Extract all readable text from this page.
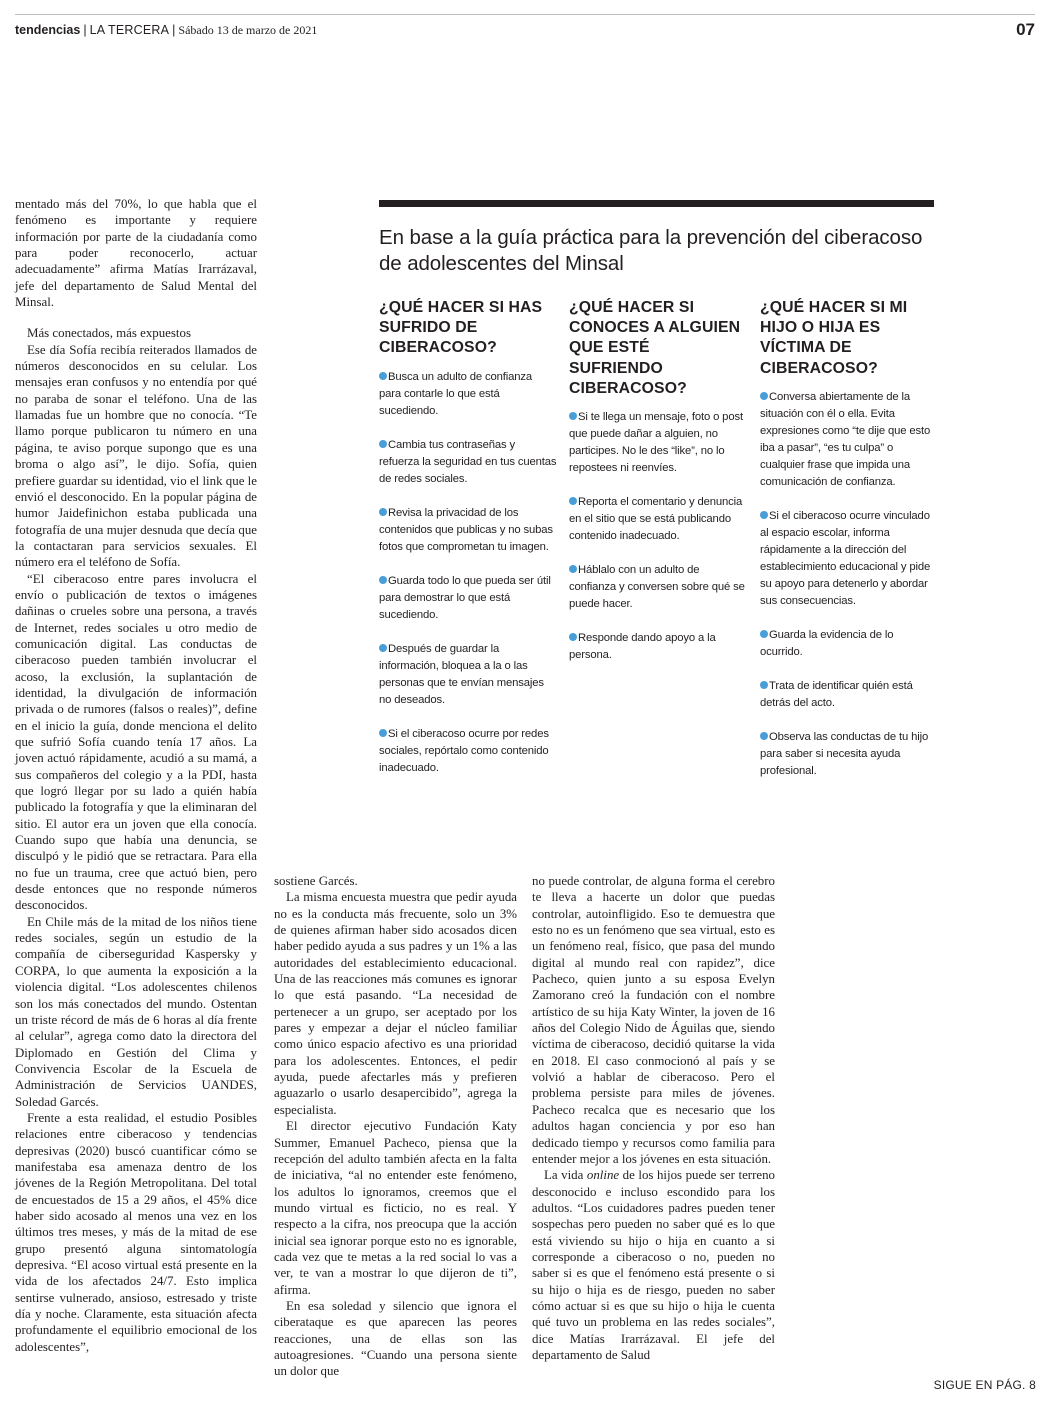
tendencias | LA TERCERA | Sábado 13 de marzo de 2021	07

mentado más del 70%, lo que habla que el fenómeno es importante y requiere información por parte de la ciudadanía como para poder reconocerlo, actuar adecuadamente” afirma Matías Irarrázaval, jefe del departamento de Salud Mental del Minsal.

Más conectados, más expuestos

Ese día Sofía recibía reiterados llamados de números desconocidos en su celular. Los mensajes eran confusos y no entendía por qué no paraba de sonar el teléfono. Una de las llamadas fue un hombre que no conocía. “Te llamo porque publicaron tu número en una página, te aviso porque supongo que es una broma o algo así”, le dijo. Sofía, quien prefiere guardar su identidad, vio el link que le envió el desconocido. En la popular página de humor Jaidefinichon estaba publicada una fotografía de una mujer desnuda que decía que la contactaran para servicios sexuales. El número era el teléfono de Sofía.

“El ciberacoso entre pares involucra el envío o publicación de textos o imágenes dañinas o crueles sobre una persona, a través de Internet, redes sociales u otro medio de comunicación digital. Las conductas de ciberacoso pueden también involucrar el acoso, la exclusión, la suplantación de identidad, la divulgación de información privada o de rumores (falsos o reales)”, define en el inicio la guía, donde menciona el delito que sufrió Sofía cuando tenía 17 años. La joven actuó rápidamente, acudió a su mamá, a sus compañeros del colegio y a la PDI, hasta que logró llegar por su lado a quién había publicado la fotografía y que la eliminaran del sitio. El autor era un joven que ella conocía. Cuando supo que había una denuncia, se disculpó y le pidió que se retractara. Para ella no fue un trauma, cree que actuó bien, pero desde entonces que no responde números desconocidos.

En Chile más de la mitad de los niños tiene redes sociales, según un estudio de la compañía de ciberseguridad Kaspersky y CORPA, lo que aumenta la exposición a la violencia digital. “Los adolescentes chilenos son los más conectados del mundo. Ostentan un triste récord de más de 6 horas al día frente al celular”, agrega como dato la directora del Diplomado en Gestión del Clima y Convivencia Escolar de la Escuela de Administración de Servicios UANDES, Soledad Garcés.

Frente a esta realidad, el estudio Posibles relaciones entre ciberacoso y tendencias depresivas (2020) buscó cuantificar cómo se manifestaba esa amenaza dentro de los jóvenes de la Región Metropolitana. Del total de encuestados de 15 a 29 años, el 45% dice haber sido acosado al menos una vez en los últimos tres meses, y más de la mitad de ese grupo presentó alguna sintomatología depresiva. “El acoso virtual está presente en la vida de los afectados 24/7. Esto implica sentirse vulnerado, ansioso, estresado y triste día y noche. Claramente, esta situación afecta profundamente el equilibrio emocional de los adolescentes”,

sostiene Garcés.

La misma encuesta muestra que pedir ayuda no es la conducta más frecuente, solo un 3% de quienes afirman haber sido acosados dicen haber pedido ayuda a sus padres y un 1% a las autoridades del establecimiento educacional. Una de las reacciones más comunes es ignorar lo que está pasando. “La necesidad de pertenecer a un grupo, ser aceptado por los pares y empezar a dejar el núcleo familiar como único espacio afectivo es una prioridad para los adolescentes. Entonces, el pedir ayuda, puede afectarles más y prefieren aguazarlo o usarlo desapercibido”, agrega la especialista.

El director ejecutivo Fundación Katy Summer, Emanuel Pacheco, piensa que la recepción del adulto también afecta en la falta de iniciativa, “al no entender este fenómeno, los adultos lo ignoramos, creemos que el mundo virtual es ficticio, no es real. Y respecto a la cifra, nos preocupa que la acción inicial sea ignorar porque esto no es ignorable, cada vez que te metas a la red social lo vas a ver, te van a mostrar lo que dijeron de ti”, afirma.

En esa soledad y silencio que ignora el ciberataque es que aparecen las peores reacciones, una de ellas son las autoagresiones. “Cuando una persona siente un dolor que

no puede controlar, de alguna forma el cerebro te lleva a hacerte un dolor que puedas controlar, autoinfligido. Eso te demuestra que esto no es un fenómeno que sea virtual, esto es un fenómeno real, físico, que pasa del mundo digital al mundo real con rapidez”, dice Pacheco, quien junto a su esposa Evelyn Zamorano creó la fundación con el nombre artístico de su hija Katy Winter, la joven de 16 años del Colegio Nido de Águilas que, siendo víctima de ciberacoso, decidió quitarse la vida en 2018. El caso conmocionó al país y se volvió a hablar de ciberacoso. Pero el problema persiste para miles de jóvenes. Pacheco recalca que es necesario que los adultos hagan conciencia y por eso han dedicado tiempo y recursos como familia para entender mejor a los jóvenes en esta situación.

La vida online de los hijos puede ser terreno desconocido e incluso escondido para los adultos. “Los cuidadores padres pueden tener sospechas pero pueden no saber qué es lo que está viviendo su hijo o hija en cuanto a si corresponde a ciberacoso o no, pueden no saber si es que el fenómeno está presente o si su hijo o hija es de riesgo, pueden no saber cómo actuar si es que su hijo o hija le cuenta qué tuvo un problema en las redes sociales”, dice Matías Irarrázaval. El jefe del departamento de Salud

En base a la guía práctica para la prevención del ciberacoso de adolescentes del Minsal
¿QUÉ HACER SI HAS SUFRIDO DE CIBERACOSO?

Busca un adulto de confianza para contarle lo que está sucediendo.

Cambia tus contraseñas y refuerza la seguridad en tus cuentas de redes sociales.

Revisa la privacidad de los contenidos que publicas y no subas fotos que comprometan tu imagen.

Guarda todo lo que pueda ser útil para demostrar lo que está sucediendo.

Después de guardar la información, bloquea a la o las personas que te envían mensajes no deseados.

Si el ciberacoso ocurre por redes sociales, repórtalo como contenido inadecuado.

¿QUÉ HACER SI CONOCES A ALGUIEN QUE ESTÉ SUFRIENDO CIBERACOSO?

Si te llega un mensaje, foto o post que puede dañar a alguien, no participes. No le des “like”, no lo repostees ni reenvíes.

Reporta el comentario y denuncia en el sitio que se está publicando contenido inadecuado.

Háblalo con un adulto de confianza y conversen sobre qué se puede hacer.

Responde dando apoyo a la persona.

¿QUÉ HACER SI MI HIJO O HIJA ES VÍCTIMA DE CIBERACOSO?

Conversa abiertamente de la situación con él o ella. Evita expresiones como “te dije que esto iba a pasar”, “es tu culpa” o cualquier frase que impida una comunicación de confianza.

Si el ciberacoso ocurre vinculado al espacio escolar, informa rápidamente a la dirección del establecimiento educacional y pide su apoyo para detenerlo y abordar sus consecuencias.

Guarda la evidencia de lo ocurrido.

Trata de identificar quién está detrás del acto.

Observa las conductas de tu hijo para saber si necesita ayuda profesional.

SIGUE EN PÁG. 8
